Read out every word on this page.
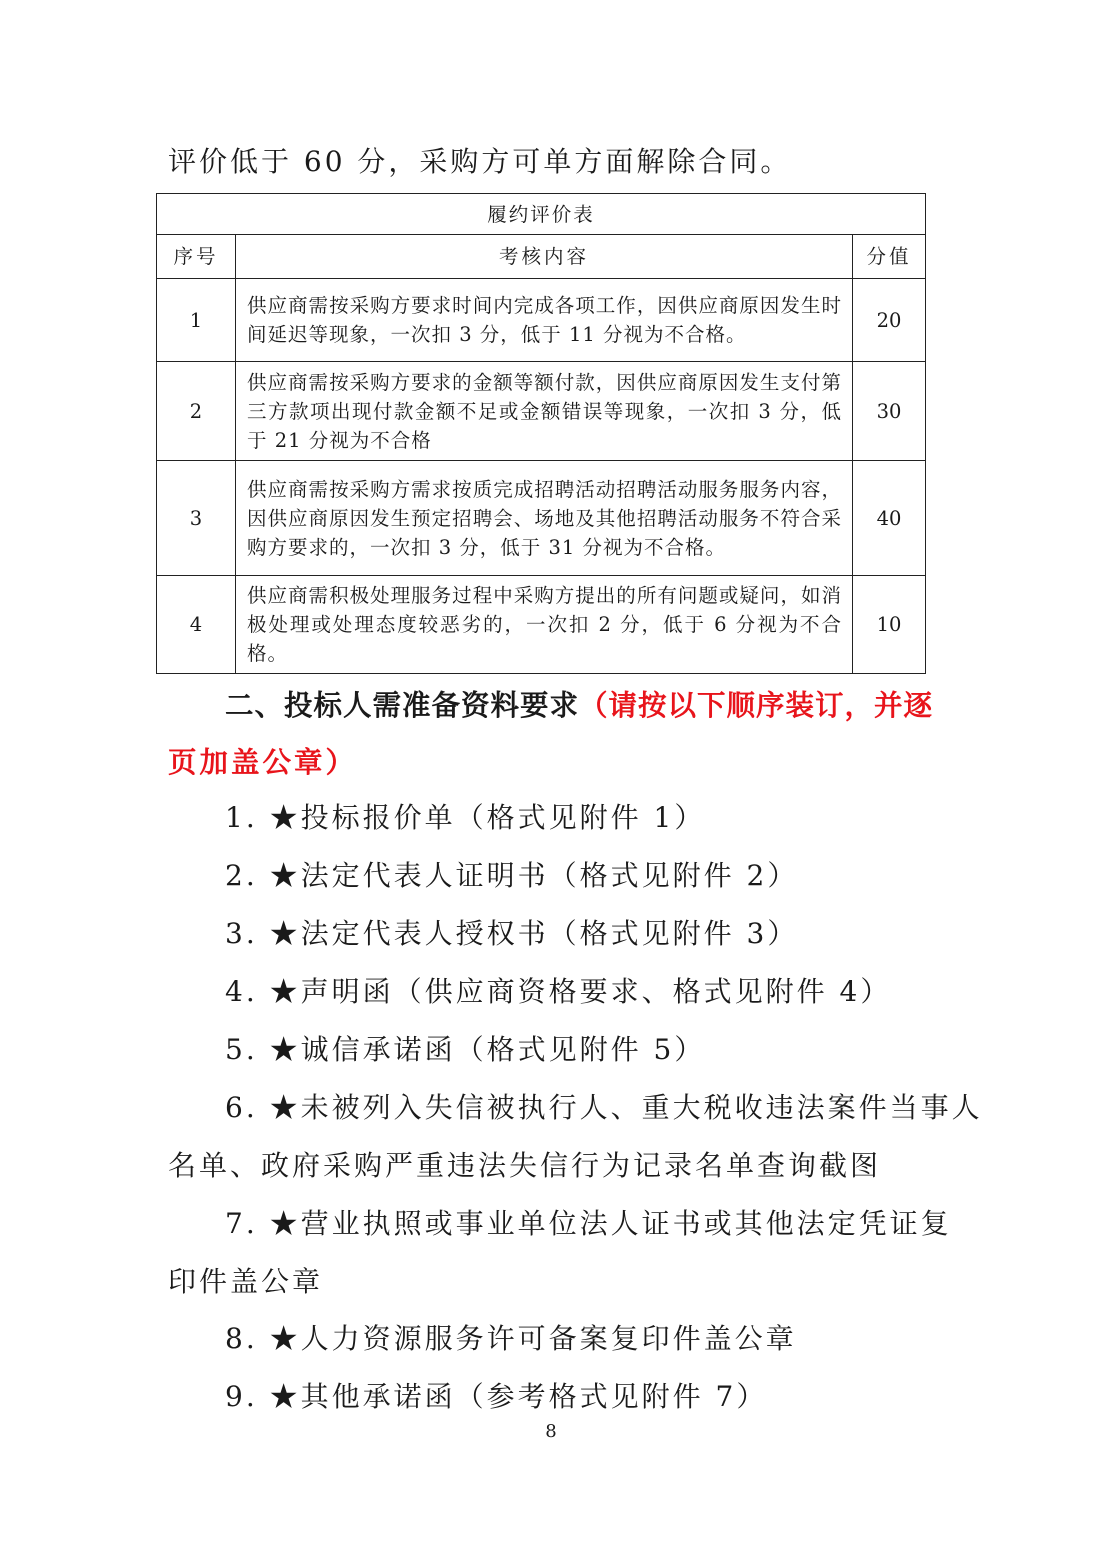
评价低于 60 分，采购方可单方面解除合同。
履约评价表		
序号	考核内容	分值
1	供应商需按采购方要求时间内完成各项工作，因供应商原因发生时间延迟等现象，一次扣 3 分，低于 11 分视为不合格。	20
2	供应商需按采购方要求的金额等额付款，因供应商原因发生支付第三方款项出现付款金额不足或金额错误等现象，一次扣 3 分，低于 21 分视为不合格	30
3	供应商需按采购方需求按质完成招聘活动招聘活动服务服务内容，因供应商原因发生预定招聘会、场地及其他招聘活动服务不符合采购方要求的，一次扣 3 分，低于 31 分视为不合格。	40
4	供应商需积极处理服务过程中采购方提出的所有问题或疑问，如消极处理或处理态度较恶劣的，一次扣 2 分，低于 6 分视为不合格。	10
二、投标人需准备资料要求（请按以下顺序装订，并逐
页加盖公章）
1. ★投标报价单（格式见附件 1）
2. ★法定代表人证明书（格式见附件 2）
3. ★法定代表人授权书（格式见附件 3）
4. ★声明函（供应商资格要求、格式见附件 4）
5. ★诚信承诺函（格式见附件 5）
6. ★未被列入失信被执行人、重大税收违法案件当事人
名单、政府采购严重违法失信行为记录名单查询截图
7. ★营业执照或事业单位法人证书或其他法定凭证复
印件盖公章
8. ★人力资源服务许可备案复印件盖公章
9. ★其他承诺函（参考格式见附件 7）
8
